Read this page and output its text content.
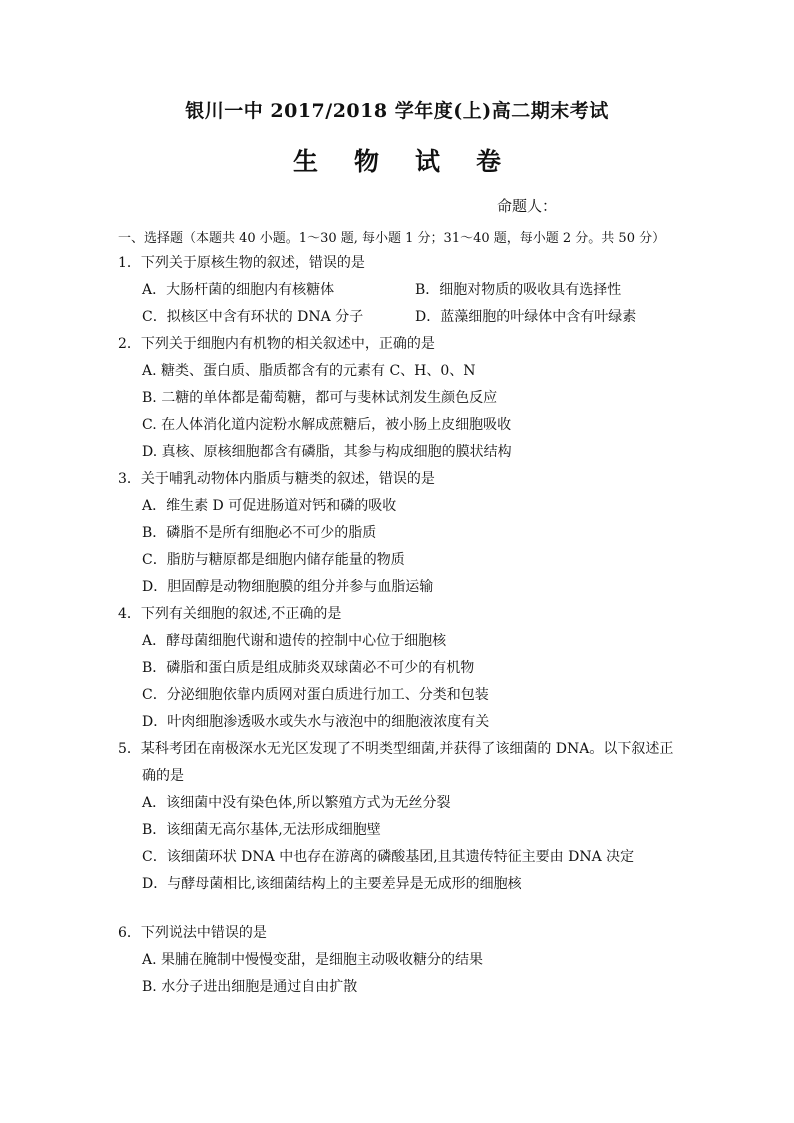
银川一中 2017/2018 学年度(上)高二期末考试
生物试卷
命题人：
一、选择题（本题共 40 小题。1～30 题, 每小题 1 分；31～40 题，每小题 2 分。共 50 分）
1．下列关于原核生物的叙述，错误的是
A．大肠杆菌的细胞内有核糖体	B．细胞对物质的吸收具有选择性
C．拟核区中含有环状的 DNA 分子	D．蓝藻细胞的叶绿体中含有叶绿素
2．下列关于细胞内有机物的相关叙述中，正确的是
A. 糖类、蛋白质、脂质都含有的元素有 C、H、0、N
B. 二糖的单体都是葡萄糖，都可与斐林试剂发生颜色反应
C. 在人体消化道内淀粉水解成蔗糖后，被小肠上皮细胞吸收
D. 真核、原核细胞都含有磷脂，其参与构成细胞的膜状结构
3．关于哺乳动物体内脂质与糖类的叙述，错误的是
A．维生素 D 可促进肠道对钙和磷的吸收
B．磷脂不是所有细胞必不可少的脂质
C．脂肪与糖原都是细胞内储存能量的物质
D．胆固醇是动物细胞膜的组分并参与血脂运输
4．下列有关细胞的叙述,不正确的是
A．酵母菌细胞代谢和遗传的控制中心位于细胞核
B．磷脂和蛋白质是组成肺炎双球菌必不可少的有机物
C．分泌细胞依靠内质网对蛋白质进行加工、分类和包装
D．叶肉细胞渗透吸水或失水与液泡中的细胞液浓度有关
5．某科考团在南极深水无光区发现了不明类型细菌,并获得了该细菌的 DNA。以下叙述正
确的是
A．该细菌中没有染色体,所以繁殖方式为无丝分裂
B．该细菌无高尔基体,无法形成细胞壁
C．该细菌环状 DNA 中也存在游离的磷酸基团,且其遗传特征主要由 DNA 决定
D．与酵母菌相比,该细菌结构上的主要差异是无成形的细胞核
6．下列说法中错误的是
A. 果脯在腌制中慢慢变甜，是细胞主动吸收糖分的结果
B. 水分子进出细胞是通过自由扩散
